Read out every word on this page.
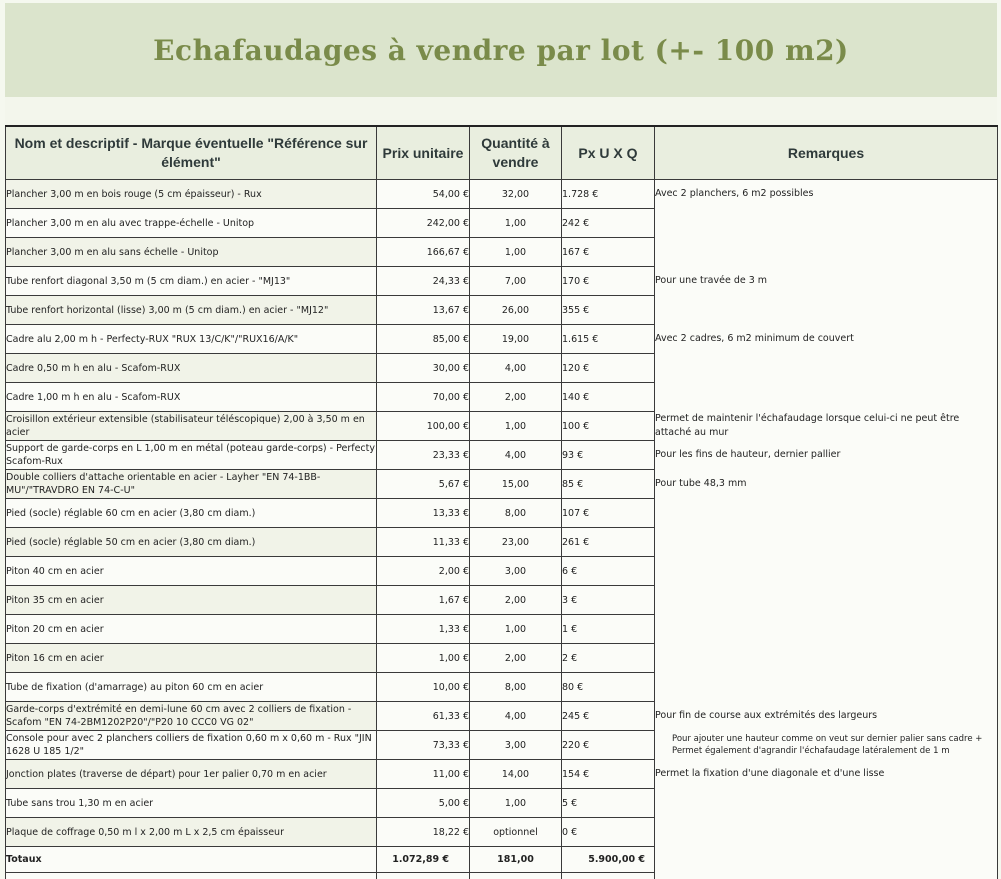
Echafaudages à vendre par lot (+- 100 m2)
Nom et descriptif - Marque éventuelle "Référence sur élément"	Prix unitaire	Quantité à vendre	Px U X Q	Remarques
Plancher 3,00 m en bois rouge (5 cm épaisseur) - Rux	54,00 €	32,00	1.728 €	Avec 2 planchers, 6 m2 possibles
Plancher 3,00 m en alu avec trappe-échelle - Unitop	242,00 €	1,00	242 €	
Plancher 3,00 m en alu sans échelle - Unitop	166,67 €	1,00	167 €	
Tube renfort diagonal 3,50 m (5 cm diam.) en acier - "MJ13"	24,33 €	7,00	170 €	Pour une travée de 3 m
Tube renfort horizontal (lisse) 3,00 m (5 cm diam.) en acier - "MJ12"	13,67 €	26,00	355 €	
Cadre alu 2,00 m h - Perfecty-RUX "RUX 13/C/K"/"RUX16/A/K"	85,00 €	19,00	1.615 €	Avec 2 cadres, 6 m2 minimum de couvert
Cadre 0,50 m h en alu - Scafom-RUX	30,00 €	4,00	120 €	
Cadre 1,00 m h en alu - Scafom-RUX	70,00 €	2,00	140 €	
Croisillon extérieur extensible (stabilisateur téléscopique) 2,00 à 3,50 m en acier	100,00 €	1,00	100 €	Permet de maintenir l'échafaudage lorsque celui-ci ne peut être attaché au mur
Support de garde-corps en L 1,00 m en métal (poteau garde-corps) - Perfecty Scafom-Rux	23,33 €	4,00	93 €	Pour les fins de hauteur, dernier pallier
Double colliers d'attache orientable en acier - Layher "EN 74-1BB-MU"/"TRAVDRO EN 74-C-U"	5,67 €	15,00	85 €	Pour tube 48,3 mm
Pied (socle) réglable 60 cm en acier (3,80 cm diam.)	13,33 €	8,00	107 €	
Pied (socle) réglable 50 cm en acier (3,80 cm diam.)	11,33 €	23,00	261 €	
Piton 40 cm en acier	2,00 €	3,00	6 €	
Piton 35 cm en acier	1,67 €	2,00	3 €	
Piton 20 cm en acier	1,33 €	1,00	1 €	
Piton 16 cm en acier	1,00 €	2,00	2 €	
Tube de fixation (d'amarrage) au piton 60 cm en acier	10,00 €	8,00	80 €	
Garde-corps d'extrémité en demi-lune 60 cm avec 2 colliers de fixation - Scafom "EN 74-2BM1202P20"/"P20 10 CCC0 VG 02"	61,33 €	4,00	245 €	Pour fin de course aux extrémités des largeurs
Console pour avec 2 planchers colliers de fixation 0,60 m x 0,60 m - Rux "JIN 1628 U 185 1/2"	73,33 €	3,00	220 €	Pour ajouter une hauteur comme on veut sur dernier palier sans cadre + Permet également d'agrandir l'échafaudage latéralement de 1 m
Jonction plates (traverse de départ) pour 1er palier 0,70 m en acier	11,00 €	14,00	154 €	Permet la fixation d'une diagonale et d'une lisse
Tube sans trou 1,30 m en acier	5,00 €	1,00	5 €	
Plaque de coffrage 0,50 m l x 2,00 m L x 2,5 cm épaisseur	18,22 €	optionnel	0 €	
Totaux	1.072,89 €	181,00	5.900,00 €	
